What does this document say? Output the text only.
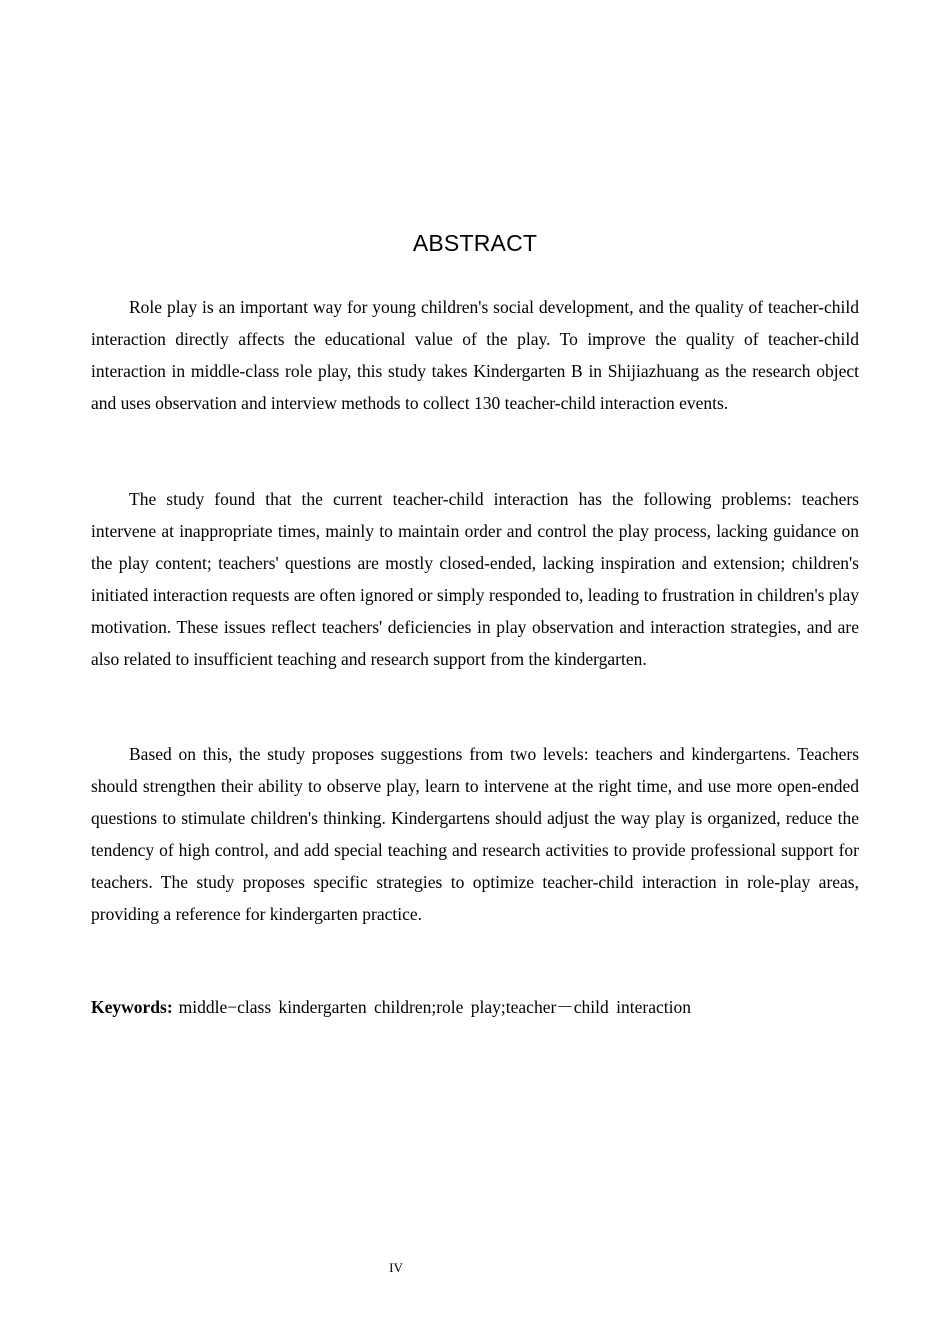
ABSTRACT

Role play is an important way for young children's social development, and the quality of teacher-child interaction directly affects the educational value of the play. To improve the quality of teacher-child interaction in middle-class role play, this study takes Kindergarten B in Shijiazhuang as the research object and uses observation and interview methods to collect 130 teacher-child interaction events.

The study found that the current teacher-child interaction has the following problems: teachers intervene at inappropriate times, mainly to maintain order and control the play process, lacking guidance on the play content; teachers' questions are mostly closed-ended, lacking inspiration and extension; children's initiated interaction requests are often ignored or simply responded to, leading to frustration in children's play motivation. These issues reflect teachers' deficiencies in play observation and interaction strategies, and are also related to insufficient teaching and research support from the kindergarten.

Based on this, the study proposes suggestions from two levels: teachers and kindergartens. Teachers should strengthen their ability to observe play, learn to intervene at the right time, and use more open-ended questions to stimulate children's thinking. Kindergartens should adjust the way play is organized, reduce the tendency of high control, and add special teaching and research activities to provide professional support for teachers. The study proposes specific strategies to optimize teacher-child interaction in role-play areas, providing a reference for kindergarten practice.

Keywords: middle−class kindergarten children;role play;teacher－child interaction
IV
